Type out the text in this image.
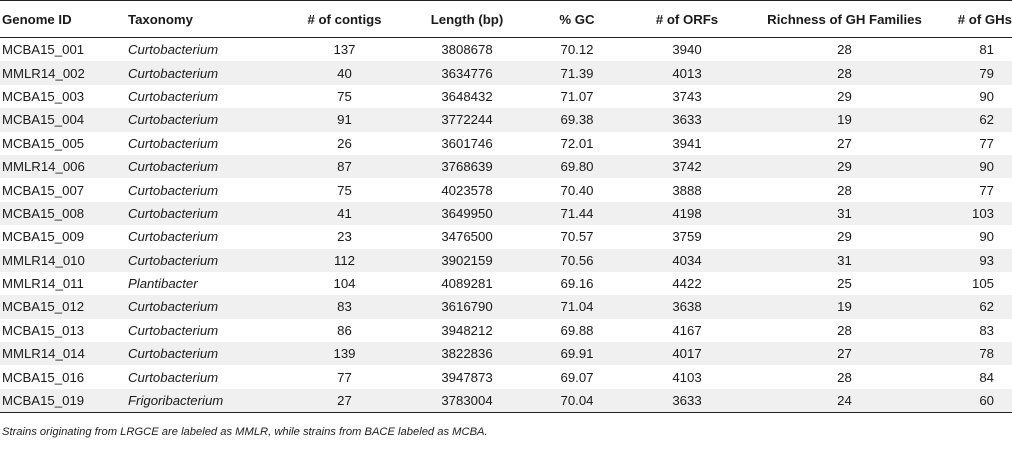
Genome ID	Taxonomy	# of contigs	Length (bp)	% GC	# of ORFs	Richness of GH Families	# of GHs
MCBA15_001	Curtobacterium	137	3808678	70.12	3940	28	81
MMLR14_002	Curtobacterium	40	3634776	71.39	4013	28	79
MCBA15_003	Curtobacterium	75	3648432	71.07	3743	29	90
MCBA15_004	Curtobacterium	91	3772244	69.38	3633	19	62
MCBA15_005	Curtobacterium	26	3601746	72.01	3941	27	77
MMLR14_006	Curtobacterium	87	3768639	69.80	3742	29	90
MCBA15_007	Curtobacterium	75	4023578	70.40	3888	28	77
MCBA15_008	Curtobacterium	41	3649950	71.44	4198	31	103
MCBA15_009	Curtobacterium	23	3476500	70.57	3759	29	90
MMLR14_010	Curtobacterium	112	3902159	70.56	4034	31	93
MMLR14_011	Plantibacter	104	4089281	69.16	4422	25	105
MCBA15_012	Curtobacterium	83	3616790	71.04	3638	19	62
MCBA15_013	Curtobacterium	86	3948212	69.88	4167	28	83
MMLR14_014	Curtobacterium	139	3822836	69.91	4017	27	78
MCBA15_016	Curtobacterium	77	3947873	69.07	4103	28	84
MCBA15_019	Frigoribacterium	27	3783004	70.04	3633	24	60
Strains originating from LRGCE are labeled as MMLR, while strains from BACE labeled as MCBA.
